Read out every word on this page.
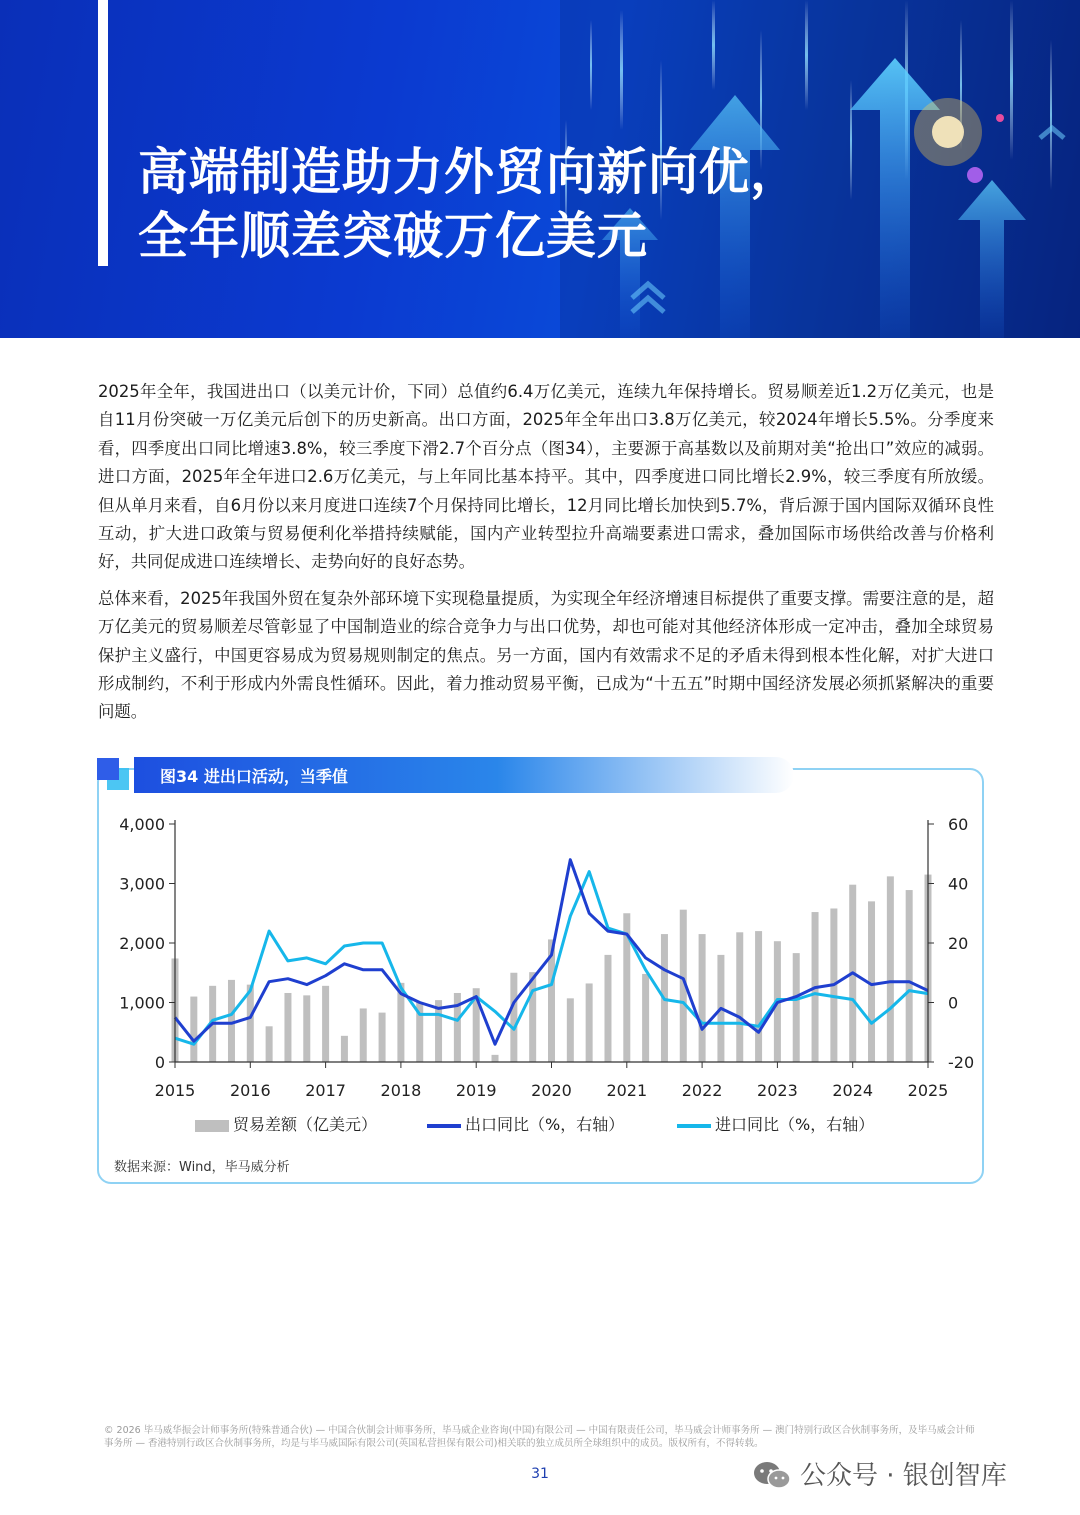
高端制造助力外贸向新向优，
全年顺差突破万亿美元

2025年全年，我国进出口（以美元计价，下同）总值约6.4万亿美元，连续九年保持增长。贸易顺差近1.2万亿美元，也是自11月份突破一万亿美元后创下的历史新高。出口方面，2025年全年出口3.8万亿美元，较2024年增长5.5%。分季度来看，四季度出口同比增速3.8%，较三季度下滑2.7个百分点（图34），主要源于高基数以及前期对美“抢出口”效应的减弱。进口方面，2025年全年进口2.6万亿美元，与上年同比基本持平。其中，四季度进口同比增长2.9%，较三季度有所放缓。但从单月来看，自6月份以来月度进口连续7个月保持同比增长，12月同比增长加快到5.7%，背后源于国内国际双循环良性互动，扩大进口政策与贸易便利化举措持续赋能，国内产业转型拉升高端要素进口需求，叠加国际市场供给改善与价格利好，共同促成进口连续增长、走势向好的良好态势。

总体来看，2025年我国外贸在复杂外部环境下实现稳量提质，为实现全年经济增速目标提供了重要支撑。需要注意的是，超万亿美元的贸易顺差尽管彰显了中国制造业的综合竞争力与出口优势，却也可能对其他经济体形成一定冲击，叠加全球贸易保护主义盛行，中国更容易成为贸易规则制定的焦点。另一方面，国内有效需求不足的矛盾未得到根本性化解，对扩大进口形成制约，不利于形成内外需良性循环。因此，着力推动贸易平衡，已成为“十五五”时期中国经济发展必须抓紧解决的重要问题。

图34 进出口活动，当季值
0
1,000
2,000
3,000
4,000
-20
0
20
40
60
2015 2016 2017 2018 2019 2020 2021 2022 2023 2024 2025
贸易差额（亿美元）	出口同比（%，右轴）	进口同比（%，右轴）
数据来源：Wind，毕马威分析
© 2026 毕马威华振会计师事务所(特殊普通合伙) — 中国合伙制会计师事务所，毕马威企业咨询(中国)有限公司 — 中国有限责任公司，毕马威会计师事务所 — 澳门特别行政区合伙制事务所，及毕马威会计师事务所 — 香港特别行政区合伙制事务所，均是与毕马威国际有限公司(英国私营担保有限公司)相关联的独立成员所全球组织中的成员。版权所有，不得转载。
31	公众号 · 银创智库
